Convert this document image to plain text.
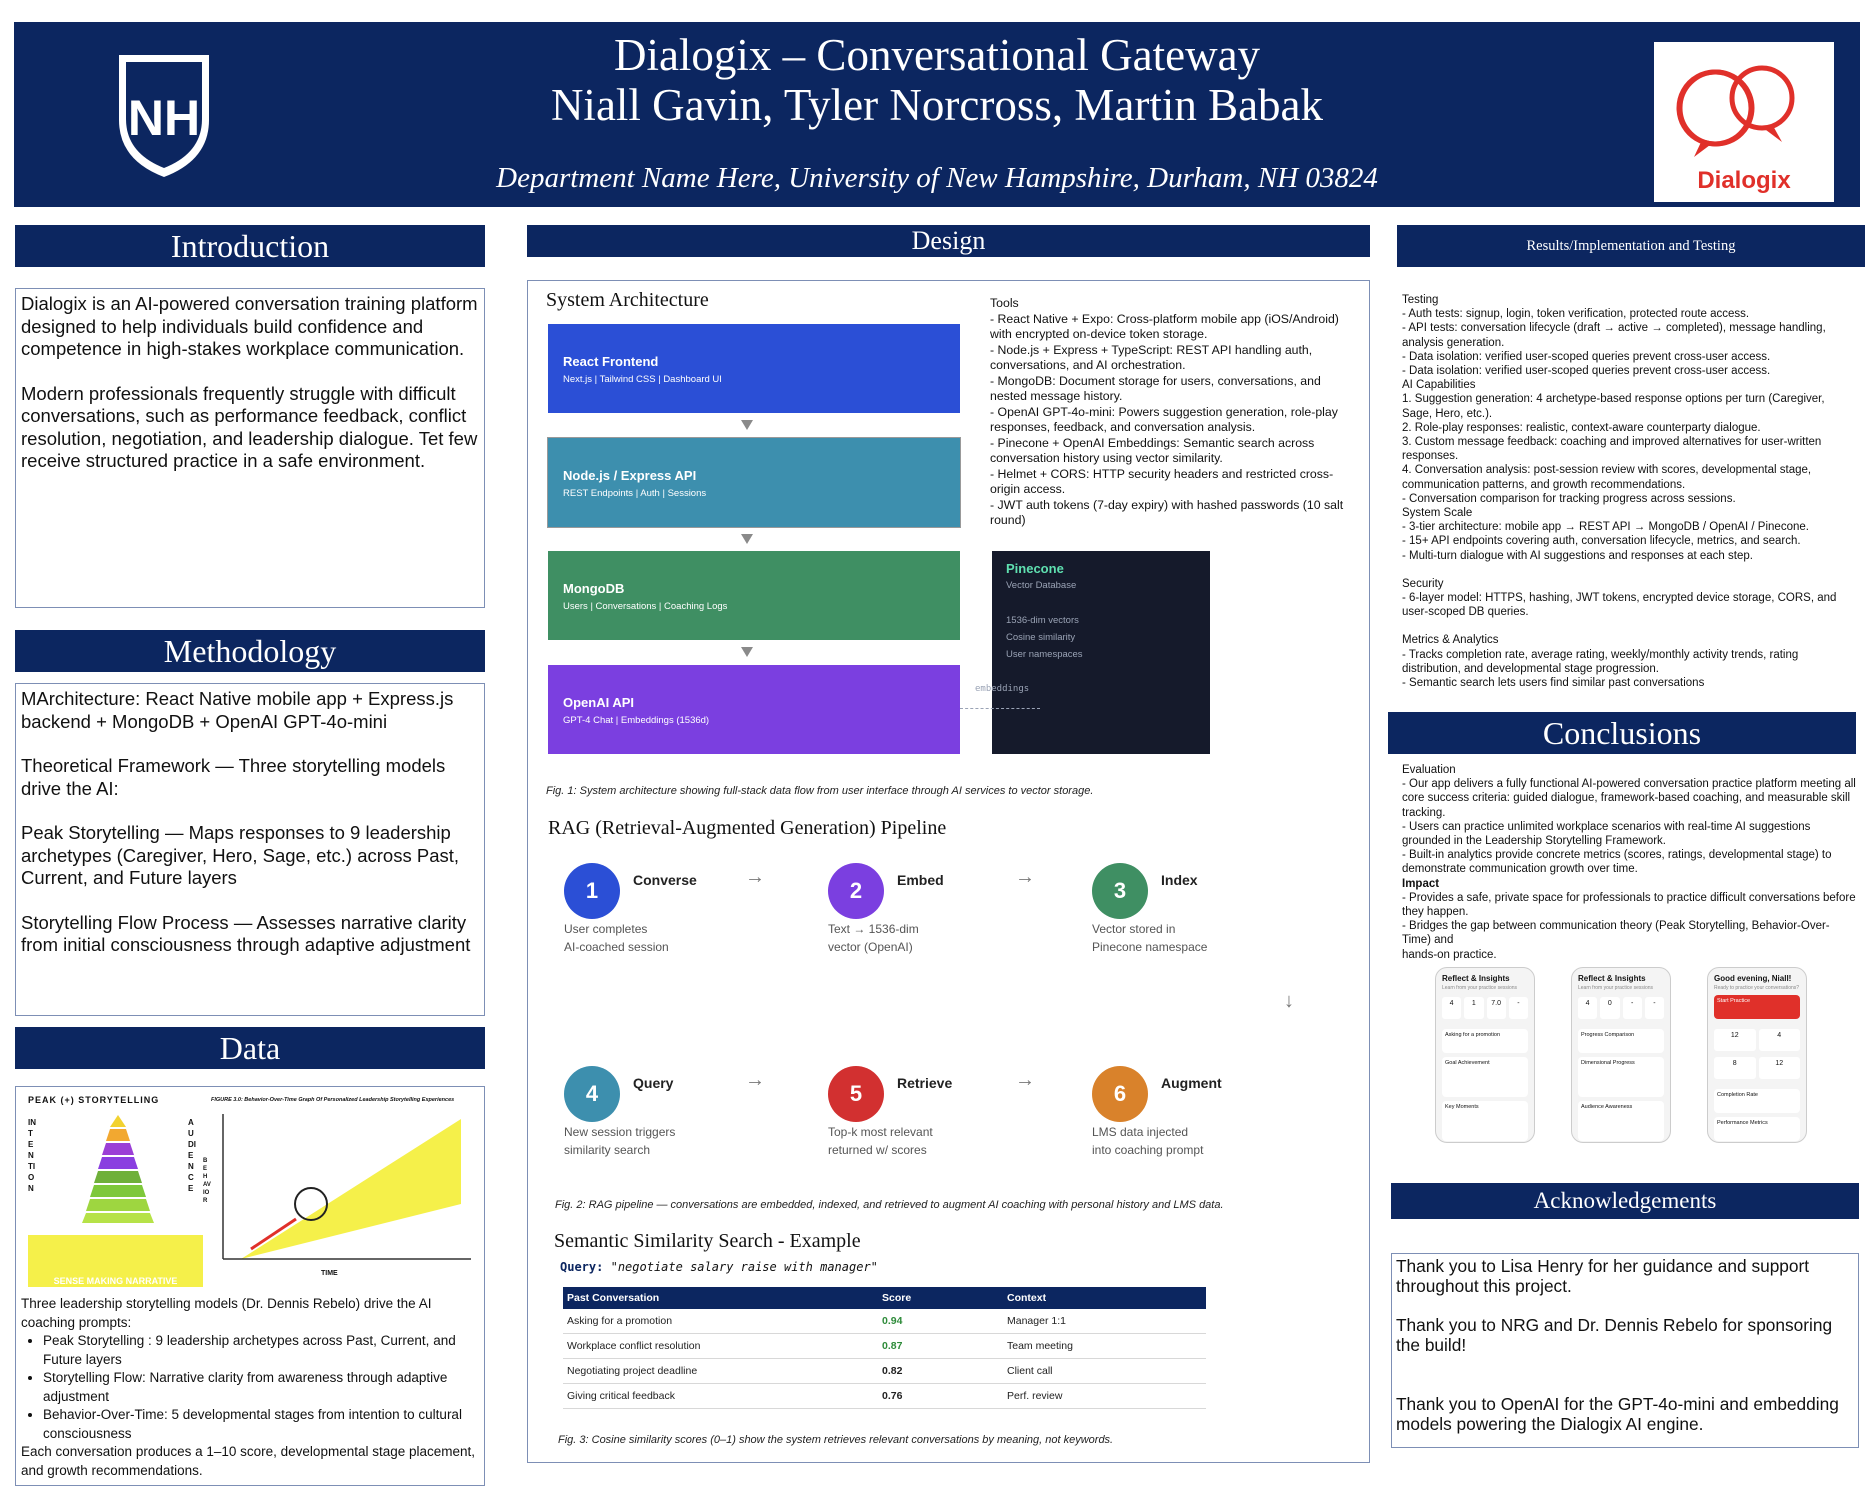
NH
Dialogix – Conversational Gateway
Niall Gavin, Tyler Norcross, Martin Babak
Department Name Here, University of New Hampshire, Durham, NH 03824	Dialogix
Introduction

Dialogix is an AI-powered conversation training platform designed to help individuals build confidence and competence in high-stakes workplace communication.

Modern professionals frequently struggle with difficult conversations, such as performance feedback, conflict resolution, negotiation, and leadership dialogue. Tet few receive structured practice in a safe environment.

Methodology

MArchitecture: React Native mobile app + Express.js backend + MongoDB + OpenAI GPT-4o-mini

Theoretical Framework — Three storytelling models drive the AI:

Peak Storytelling — Maps responses to 9 leadership archetypes (Caregiver, Hero, Sage, etc.) across Past, Current, and Future layers

Storytelling Flow Process — Assesses narrative clarity from initial consciousness through adaptive adjustment

Data
PEAK (+) STORYTELLING
INTENTION
AUDIENCE
SENSE MAKING NARRATIVE
FIGURE 3.0: Behavior-Over-Time Graph Of Personalized Leadership Storytelling Experiences
BEHAVIOR
TIME

Three leadership storytelling models (Dr. Dennis Rebelo) drive the AI coaching prompts:

• Peak Storytelling : 9 leadership archetypes across Past, Current, and Future layers
• Storytelling Flow: Narrative clarity from awareness through adaptive adjustment
• Behavior-Over-Time: 5 developmental stages from intention to cultural consciousness

Each conversation produces a 1–10 score, developmental stage placement, and growth recommendations.

Design
System Architecture
React Frontend
Next.js | Tailwind CSS | Dashboard UI
Node.js / Express API
REST Endpoints | Auth | Sessions
MongoDB
Users | Conversations | Coaching Logs
OpenAI API
GPT-4 Chat | Embeddings (1536d)
Pinecone
Vector Database
1536-dim vectors
Cosine similarity
User namespaces
embeddings
Tools
- React Native + Expo: Cross-platform mobile app (iOS/Android) with encrypted on-device token storage.
- Node.js + Express + TypeScript: REST API handling auth, conversations, and AI orchestration.
- MongoDB: Document storage for users, conversations, and nested message history.
- OpenAI GPT-4o-mini: Powers suggestion generation, role-play responses, feedback, and conversation analysis.
- Pinecone + OpenAI Embeddings: Semantic search across conversation history using vector similarity.
- Helmet + CORS: HTTP security headers and restricted cross-origin access.
- JWT auth tokens (7-day expiry) with hashed passwords (10 salt round)
Fig. 1: System architecture showing full-stack data flow from user interface through AI services to vector storage.
RAG (Retrieval-Augmented Generation) Pipeline
1	Converse
User completes
AI-coached session
→
2	Embed
Text → 1536-dim
vector (OpenAI)
→
3	Index
Vector stored in
Pinecone namespace
↓
4	Query
New session triggers
similarity search
→
5	Retrieve
Top-k most relevant
returned w/ scores
→
6	Augment
LMS data injected
into coaching prompt
Fig. 2: RAG pipeline — conversations are embedded, indexed, and retrieved to augment AI coaching with personal history and LMS data.
Semantic Similarity Search - Example
Query: "negotiate salary raise with manager"
Past Conversation	Score	Context
Asking for a promotion	0.94	Manager 1:1
Workplace conflict resolution	0.87	Team meeting
Negotiating project deadline	0.82	Client call
Giving critical feedback	0.76	Perf. review
Fig. 3: Cosine similarity scores (0–1) show the system retrieves relevant conversations by meaning, not keywords.
Results/Implementation and Testing
Testing
- Auth tests: signup, login, token verification, protected route access.
- API tests: conversation lifecycle (draft → active → completed), message handling, analysis generation.
- Data isolation: verified user-scoped queries prevent cross-user access.
- Data isolation: verified user-scoped queries prevent cross-user access.
AI Capabilities
1. Suggestion generation: 4 archetype-based response options per turn (Caregiver, Sage, Hero, etc.).
2. Role-play responses: realistic, context-aware counterparty dialogue.
3. Custom message feedback: coaching and improved alternatives for user-written responses.
4. Conversation analysis: post-session review with scores, developmental stage, communication patterns, and growth recommendations.
- Conversation comparison for tracking progress across sessions.
System Scale
- 3-tier architecture: mobile app → REST API → MongoDB / OpenAI / Pinecone.
- 15+ API endpoints covering auth, conversation lifecycle, metrics, and search.
- Multi-turn dialogue with AI suggestions and responses at each step.
Security
- 6-layer model: HTTPS, hashing, JWT tokens, encrypted device storage, CORS, and user-scoped DB queries.
Metrics & Analytics
- Tracks completion rate, average rating, weekly/monthly activity trends, rating distribution, and developmental stage progression.
- Semantic search lets users find similar past conversations
Conclusions
Evaluation
- Our app delivers a fully functional AI-powered conversation practice platform meeting all core success criteria: guided dialogue, framework-based coaching, and measurable skill tracking.
- Users can practice unlimited workplace scenarios with real-time AI suggestions grounded in the Leadership Storytelling Framework.
- Built-in analytics provide concrete metrics (scores, ratings, developmental stage) to demonstrate communication growth over time.
Impact
- Provides a safe, private space for professionals to practice difficult conversations before they happen.
- Bridges the gap between communication theory (Peak Storytelling, Behavior-Over-Time) and
hands-on practice.
Reflect & Insights
Learn from your practice sessions
4	1	7.0	-
Asking for a promotion
Goal Achievement
Key Moments
Reflect & Insights
Learn from your practice sessions
4	0	-	-
Progress Comparison
Dimensional Progress
Audience Awareness
Good evening, Niall!
Ready to practice your conversations?
Start Practice
12	4
8	12
Completion Rate
Performance Metrics
Acknowledgements

Thank you to Lisa Henry for her guidance and support throughout this project.

Thank you to NRG and Dr. Dennis Rebelo for sponsoring the build!

Thank you to OpenAI for the GPT-4o-mini and embedding models powering the Dialogix AI engine.
